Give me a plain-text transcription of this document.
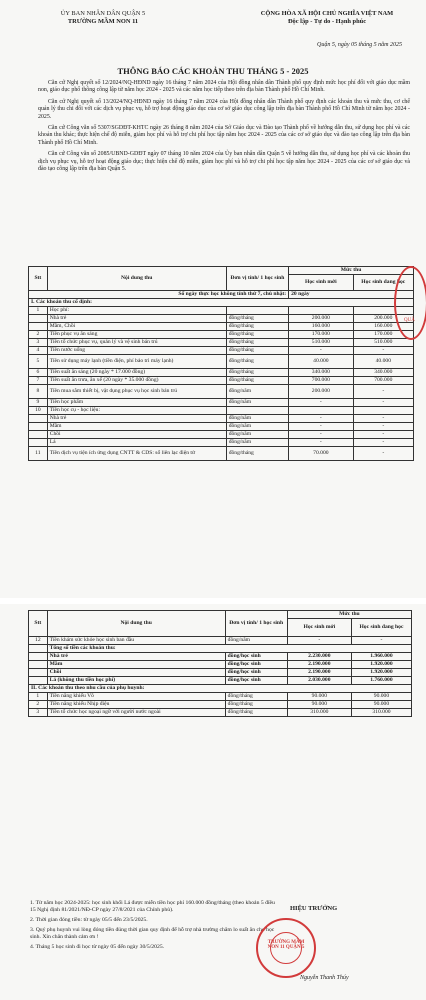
ỦY BAN NHÂN DÂN QUẬN 5
TRƯỜNG MẦM NON 11
CỘNG HÒA XÃ HỘI CHỦ NGHĨA VIỆT NAM
Độc lập - Tự do - Hạnh phúc
Quận 5, ngày 05 tháng 5 năm 2025
THÔNG BÁO CÁC KHOẢN THU THÁNG 5 - 2025

Căn cứ Nghị quyết số 12/2024/NQ-HĐND ngày 16 tháng 7 năm 2024 của Hội đồng nhân dân Thành phố quy định mức học phí đối với giáo dục mầm non, giáo dục phổ thông công lập từ năm học 2024 - 2025 và các năm học tiếp theo trên địa bàn Thành phố Hồ Chí Minh.

Căn cứ Nghị quyết số 13/2024/NQ-HĐND ngày 16 tháng 7 năm 2024 của Hội đồng nhân dân Thành phố quy định các khoản thu và mức thu, cơ chế quản lý thu chi đối với các dịch vụ phục vụ, hỗ trợ hoạt động giáo dục của cơ sở giáo dục công lập trên địa bàn Thành phố Hồ Chí Minh từ năm học 2024 - 2025.

Căn cứ Công văn số 5307/SGDĐT-KHTC ngày 26 tháng 8 năm 2024 của Sở Giáo dục và Đào tạo Thành phố về hướng dẫn thu, sử dụng học phí và các khoản thu khác; thực hiện chế độ miễn, giảm học phí và hỗ trợ chi phí học tập năm học 2024 - 2025 của các cơ sở giáo dục và đào tạo công lập trên địa bàn Thành phố Hồ Chí Minh.

Căn cứ Công văn số 2085/UBND-GDĐT ngày 07 tháng 10 năm 2024 của Ủy ban nhân dân Quận 5 về hướng dẫn thu, sử dụng học phí và các khoản thu dịch vụ phục vụ, hỗ trợ hoạt động giáo dục; thực hiện chế độ miễn, giảm học phí và hỗ trợ chi phí học tập năm học 2024 - 2025 của các cơ sở giáo dục và đào tạo công lập trên địa bàn Quận 5.

Stt	Nội dung thu	Đơn vị tính/ 1 học sinh	Mức thu	
			Học sinh mới	Học sinh đang học
Số ngày thực học không tính thứ 7, chủ nhật:			20 ngày	
I. Các khoản thu cố định:				
1	Học phí:			
	Nhà trẻ	đồng/tháng	200.000	200.000
	Mầm, Chồi	đồng/tháng	160.000	160.000
2	Tiền phục vụ ăn sáng	đồng/tháng	170.000	170.000
3	Tiền tổ chức phục vụ, quản lý và vệ sinh bán trú	đồng/tháng	510.000	510.000
4	Tiền nước uống	đồng/tháng	-	-
5	Tiền sử dụng máy lạnh (tiền điện, phí bảo trì máy lạnh)	đồng/tháng	40.000	40.000
6	Tiền suất ăn sáng (20 ngày * 17.000 đồng)	đồng/tháng	340.000	340.000
7	Tiền suất ăn trưa, ăn xế (20 ngày * 35.000 đồng)	đồng/tháng	700.000	700.000
8	Tiền mua sắm thiết bị, vật dụng phục vụ học sinh bán trú	đồng/năm	200.000	-
9	Tiền học phẩm	đồng/năm	-	-
10	Tiền học cụ - học liệu:			
	Nhà trẻ	đồng/năm	-	-
	Mầm	đồng/năm	-	-
	Chồi	đồng/năm	-	-
	Lá	đồng/năm	-	-
11	Tiền dịch vụ tiện ích ứng dụng CNTT & CDS: sổ liên lạc điện tử	đồng/tháng	70.000	-
QUẬ
Stt	Nội dung thu	Đơn vị tính/ 1 học sinh	Mức thu	
			Học sinh mới	Học sinh đang học
12	Tiền khám sức khỏe học sinh ban đầu	đồng/năm	-	-
	Tổng số tiền các khoản thu:			
	Nhà trẻ	đồng/học sinh	2.230.000	1.960.000
	Mầm	đồng/học sinh	2.190.000	1.920.000
	Chồi	đồng/học sinh	2.190.000	1.920.000
	Lá (không thu tiền học phí)	đồng/học sinh	2.030.000	1.760.000
II. Các khoản thu theo nhu cầu của phụ huynh:				
1	Tiền năng khiếu Võ	đồng/tháng	90.000	90.000
2	Tiền năng khiếu Nhịp điệu	đồng/tháng	90.000	90.000
3	Tiền tổ chức học ngoại ngữ với người nước ngoài	đồng/tháng	310.000	310.000

1. Từ năm học 2024-2025: học sinh khối Lá được miễn tiền học phí 160.000 đồng/tháng (theo khoản 5 điều 15 Nghị định 81/2021/NĐ-CP ngày 27/8/2021 của Chính phủ).

2. Thời gian đóng tiền: từ ngày 05/5 đến 23/5/2025.

3. Quý phụ huynh vui lòng đóng tiền đúng thời gian quy định để hỗ trợ nhà trường chăm lo suất ăn cho học sinh. Xin chân thành cảm ơn !

4. Tháng 5 học sinh đi học từ ngày 05 đến ngày 30/5/2025.

HIỆU TRƯỞNG
TRƯỜNG MẦM NON 11 QUẬN 5
Nguyễn Thanh Thúy
